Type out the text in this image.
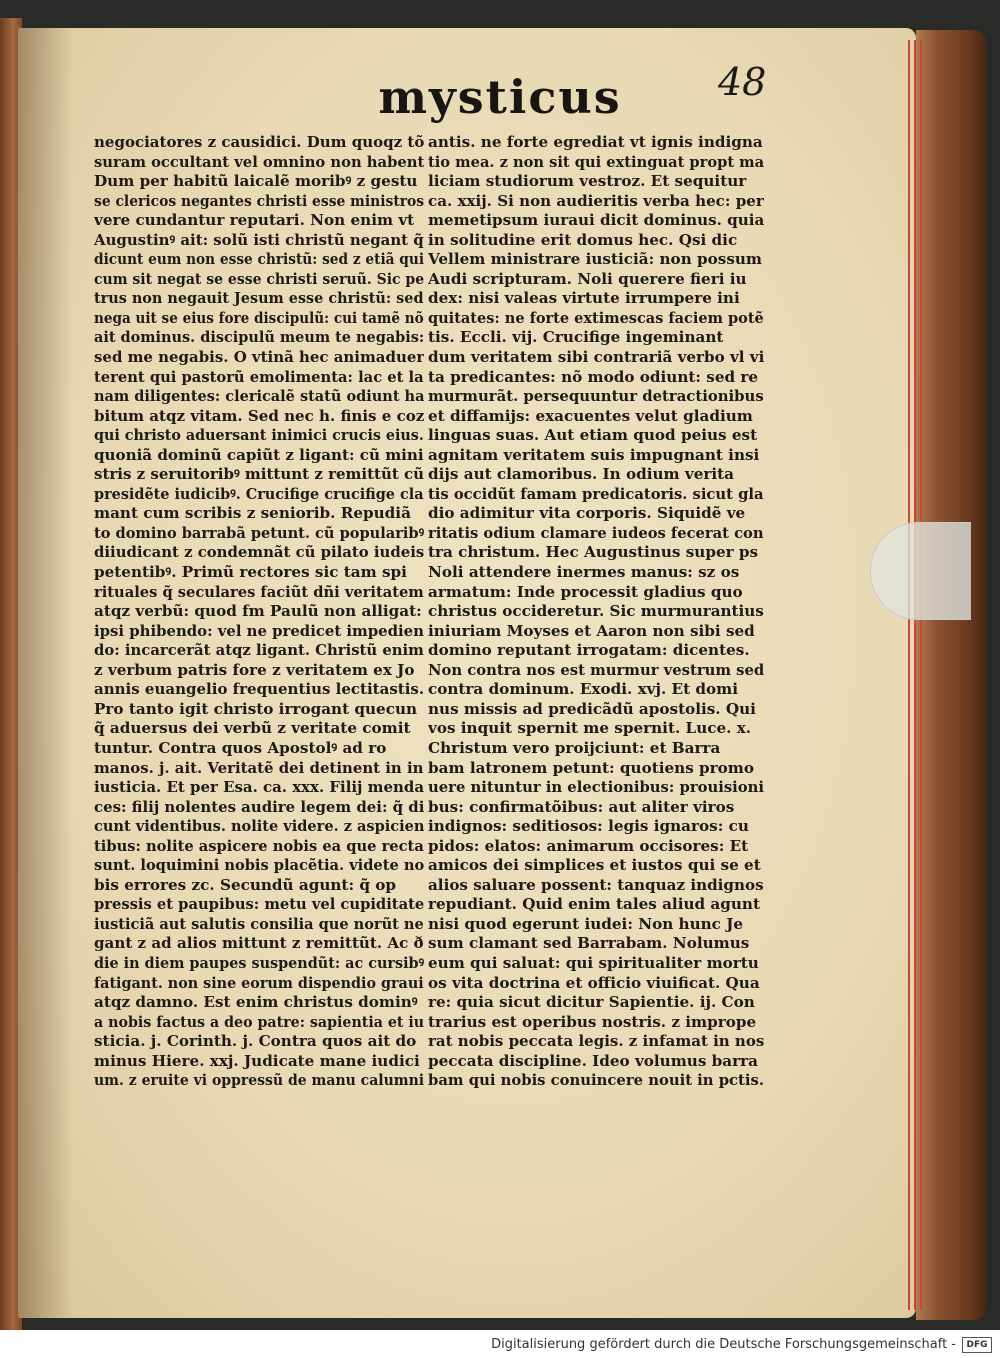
mysticus	48
negociatores z causidici. Dum quoqz tõ
suram occultant vel omnino non habent
Dum per habitũ laicalẽ moribꝰ z gestu
se clericos negantes christi esse ministros
vere cundantur reputari. Non enim vt
Augustinꝰ ait: solũ isti christũ negant q̃
dicunt eum non esse christũ: sed z etiã qui
cum sit negat se esse christi seruũ. Sic pe
trus non negauit Jesum esse christũ: sed
nega uit se eius fore discipulũ: cui tamẽ nõ
ait dominus. discipulũ meum te negabis:
sed me negabis. O vtinã hec animaduer
terent qui pastorũ emolimenta: lac et la
nam diligentes: clericalẽ statũ odiunt ha
bitum atqz vitam. Sed nec h. finis e coz
qui christo aduersant inimici crucis eius.
quoniã dominũ capiũt z ligant: cũ mini
stris z seruitoribꝰ mittunt z remittũt cũ
presidẽte iudicibꝰ. Crucifige crucifige cla
mant cum scribis z seniorib. Repudiã
to domino barrabã petunt. cũ popularibꝰ
diiudicant z condemnãt cũ pilato iudeis
petentibꝰ. Primũ rectores sic tam spi
rituales q̃ seculares faciũt dñi veritatem
atqz verbũ: quod fm Paulũ non alligat:
ipsi phibendo: vel ne predicet impedien
do: incarcerãt atqz ligant. Christũ enim
z verbum patris fore z veritatem ex Jo
annis euangelio frequentius lectitastis.
Pro tanto igit christo irrogant quecun
q̃ aduersus dei verbũ z veritate comit
tuntur. Contra quos Apostolꝰ ad ro
manos. j. ait. Veritatẽ dei detinent in in
iusticia. Et per Esa. ca. xxx. Filij menda
ces: filij nolentes audire legem dei: q̃ di
cunt videntibus. nolite videre. z aspicien
tibus: nolite aspicere nobis ea que recta
sunt. loquimini nobis placẽtia. videte no
bis errores zc. Secundũ agunt: q̃ op
pressis et paupibus: metu vel cupiditate
iusticiã aut salutis consilia que norũt ne
gant z ad alios mittunt z remittũt. Ac ð
die in diem paupes suspendũt: ac cursibꝰ
fatigant. non sine eorum dispendio graui
atqz damno. Est enim christus dominꝰ
a nobis factus a deo patre: sapientia et iu
sticia. j. Corinth. j. Contra quos ait do
minus Hiere. xxj. Judicate mane iudici
um. z eruite vi oppressũ de manu calumni
antis. ne forte egrediat vt ignis indigna
tio mea. z non sit qui extinguat propt ma
liciam studiorum vestroz. Et sequitur
ca. xxij. Si non audieritis verba hec: per
memetipsum iuraui dicit dominus. quia
in solitudine erit domus hec. Qsi dic
Vellem ministrare iusticiã: non possum
Audi scripturam. Noli querere fieri iu
dex: nisi valeas virtute irrumpere ini
quitates: ne forte extimescas faciem potẽ
tis. Eccli. vij. Crucifige ingeminant
dum veritatem sibi contrariã verbo vl vi
ta predicantes: nõ modo odiunt: sed re
murmurãt. persequuntur detractionibus
et diffamijs: exacuentes velut gladium
linguas suas. Aut etiam quod peius est
agnitam veritatem suis impugnant insi
dijs aut clamoribus. In odium verita
tis occidũt famam predicatoris. sicut gla
dio adimitur vita corporis. Siquidẽ ve
ritatis odium clamare iudeos fecerat con
tra christum. Hec Augustinus super ps
Noli attendere inermes manus: sz os
armatum: Inde processit gladius quo
christus occideretur. Sic murmurantius
iniuriam Moyses et Aaron non sibi sed
domino reputant irrogatam: dicentes.
Non contra nos est murmur vestrum sed
contra dominum. Exodi. xvj. Et domi
nus missis ad predicãdũ apostolis. Qui
vos inquit spernit me spernit. Luce. x.
Christum vero proijciunt: et Barra
bam latronem petunt: quotiens promo
uere nituntur in electionibus: prouisioni
bus: confirmatõibus: aut aliter viros
indignos: seditiosos: legis ignaros: cu
pidos: elatos: animarum occisores: Et
amicos dei simplices et iustos qui se et
alios saluare possent: tanquaz indignos
repudiant. Quid enim tales aliud agunt
nisi quod egerunt iudei: Non hunc Je
sum clamant sed Barrabam. Nolumus
eum qui saluat: qui spiritualiter mortu
os vita doctrina et officio viuificat. Qua
re: quia sicut dicitur Sapientie. ij. Con
trarius est operibus nostris. z imprope
rat nobis peccata legis. z infamat in nos
peccata discipline. Ideo volumus barra
bam qui nobis conuincere nouit in pctis.
Digitalisierung gefördert durch die Deutsche Forschungsgemeinschaft -	DFG
